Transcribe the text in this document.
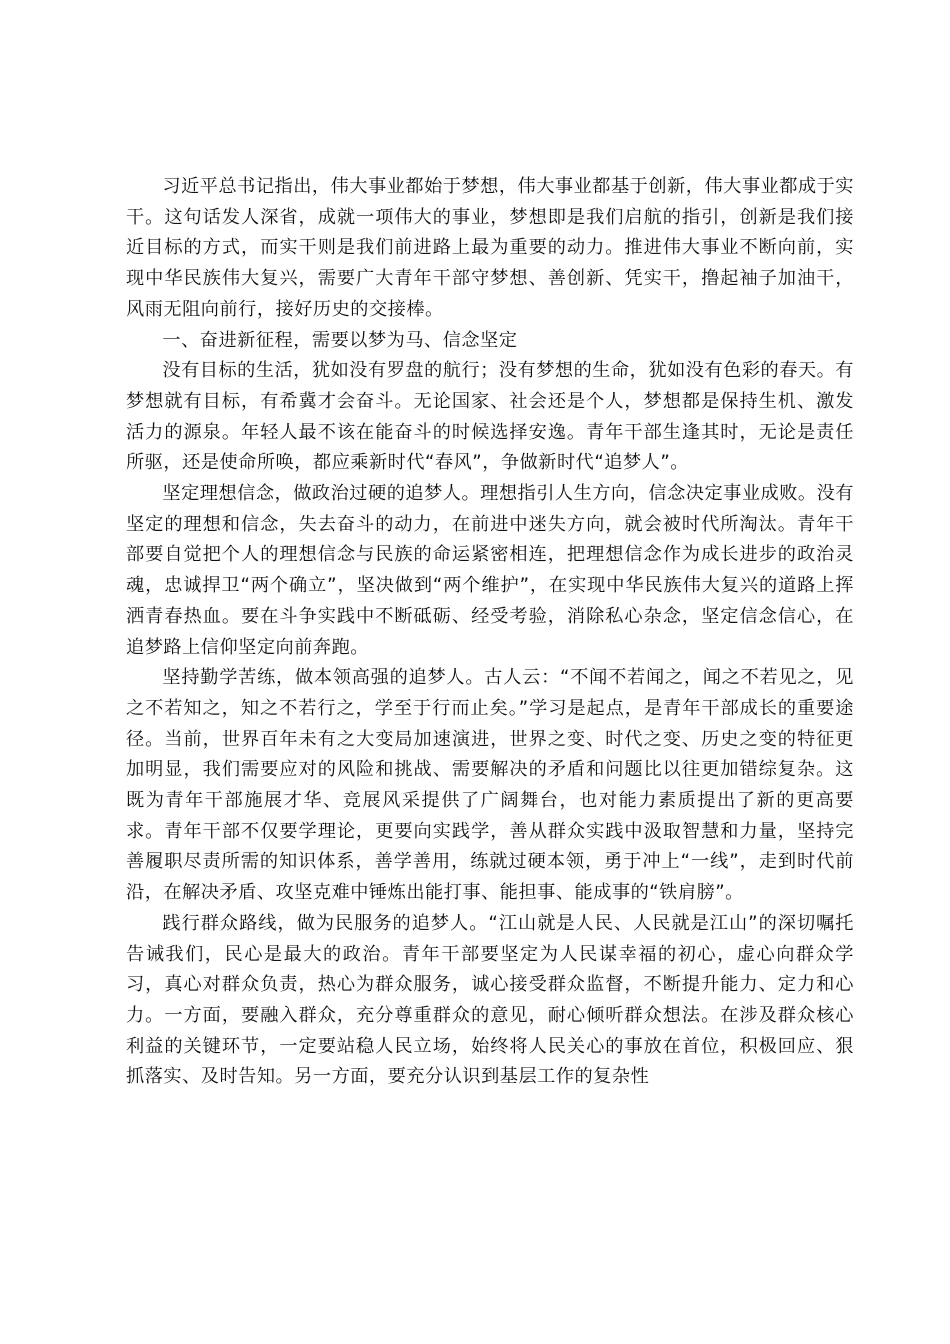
习近平总书记指出，伟大事业都始于梦想，伟大事业都基于创新，伟大事业都成于实干。这句话发人深省，成就一项伟大的事业，梦想即是我们启航的指引，创新是我们接近目标的方式，而实干则是我们前进路上最为重要的动力。推进伟大事业不断向前，实现中华民族伟大复兴，需要广大青年干部守梦想、善创新、凭实干，撸起袖子加油干，风雨无阻向前行，接好历史的交接棒。

一、奋进新征程，需要以梦为马、信念坚定

没有目标的生活，犹如没有罗盘的航行；没有梦想的生命，犹如没有色彩的春天。有梦想就有目标，有希冀才会奋斗。无论国家、社会还是个人，梦想都是保持生机、激发活力的源泉。年轻人最不该在能奋斗的时候选择安逸。青年干部生逢其时，无论是责任所驱，还是使命所唤，都应乘新时代“春风”，争做新时代“追梦人”。

坚定理想信念，做政治过硬的追梦人。理想指引人生方向，信念决定事业成败。没有坚定的理想和信念，失去奋斗的动力，在前进中迷失方向，就会被时代所淘汰。青年干部要自觉把个人的理想信念与民族的命运紧密相连，把理想信念作为成长进步的政治灵魂，忠诚捍卫“两个确立”，坚决做到“两个维护”，在实现中华民族伟大复兴的道路上挥洒青春热血。要在斗争实践中不断砥砺、经受考验，消除私心杂念，坚定信念信心，在追梦路上信仰坚定向前奔跑。

坚持勤学苦练，做本领高强的追梦人。古人云：“不闻不若闻之，闻之不若见之，见之不若知之，知之不若行之，学至于行而止矣。”学习是起点，是青年干部成长的重要途径。当前，世界百年未有之大变局加速演进，世界之变、时代之变、历史之变的特征更加明显，我们需要应对的风险和挑战、需要解决的矛盾和问题比以往更加错综复杂。这既为青年干部施展才华、竞展风采提供了广阔舞台，也对能力素质提出了新的更高要求。青年干部不仅要学理论，更要向实践学，善从群众实践中汲取智慧和力量，坚持完善履职尽责所需的知识体系，善学善用，练就过硬本领，勇于冲上“一线”，走到时代前沿，在解决矛盾、攻坚克难中锤炼出能打事、能担事、能成事的“铁肩膀”。

践行群众路线，做为民服务的追梦人。“江山就是人民、人民就是江山”的深切嘱托告诫我们，民心是最大的政治。青年干部要坚定为人民谋幸福的初心，虚心向群众学习，真心对群众负责，热心为群众服务，诚心接受群众监督，不断提升能力、定力和心力。一方面，要融入群众，充分尊重群众的意见，耐心倾听群众想法。在涉及群众核心利益的关键环节，一定要站稳人民立场，始终将人民关心的事放在首位，积极回应、狠抓落实、及时告知。另一方面，要充分认识到基层工作的复杂性
